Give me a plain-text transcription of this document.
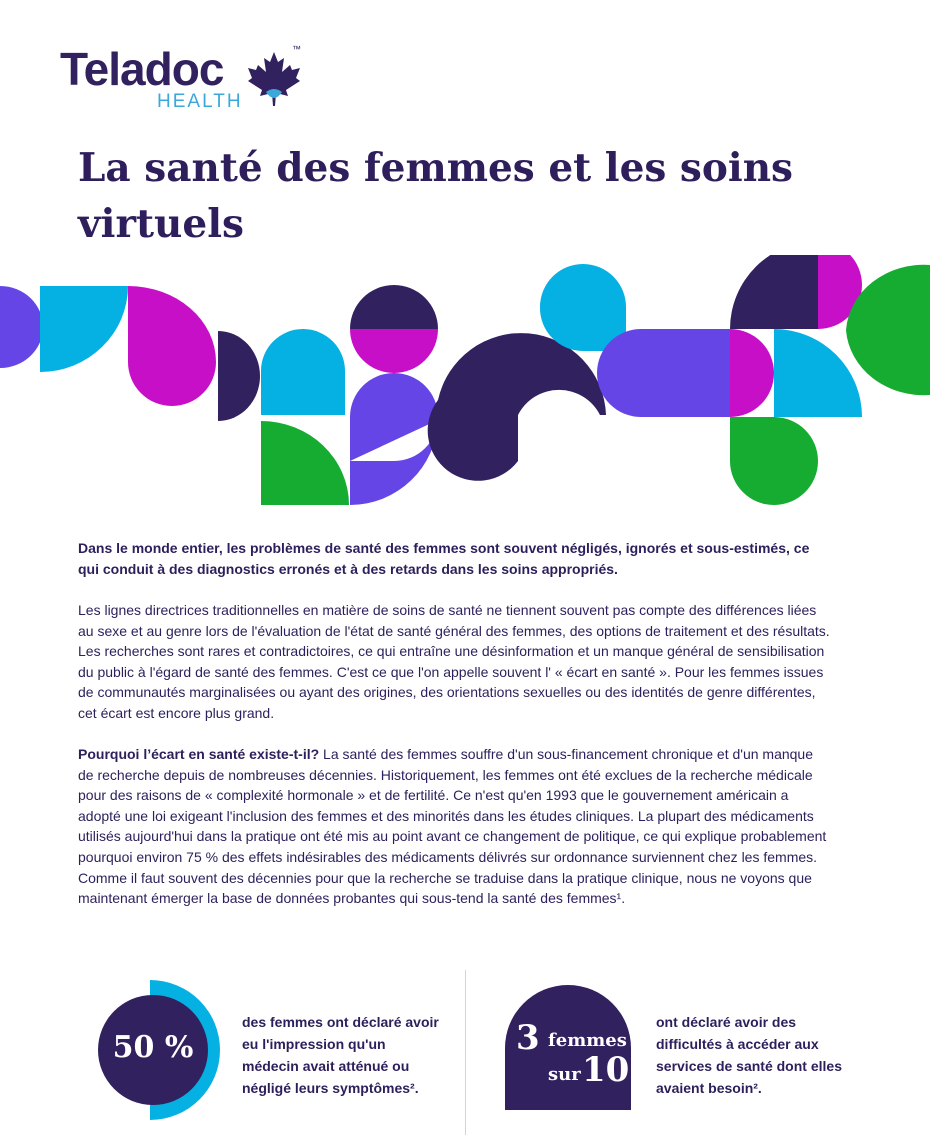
Teladoc
HEALTH
™
La santé des femmes et les soins virtuels

Dans le monde entier, les problèmes de santé des femmes sont souvent négligés, ignorés et sous-estimés, ce qui conduit à des diagnostics erronés et à des retards dans les soins appropriés.

Les lignes directrices traditionnelles en matière de soins de santé ne tiennent souvent pas compte des différences liées au sexe et au genre lors de l'évaluation de l'état de santé général des femmes, des options de traitement et des résultats. Les recherches sont rares et contradictoires, ce qui entraîne une désinformation et un manque général de sensibilisation du public à l'égard de santé des femmes. C'est ce que l'on appelle souvent l' « écart en santé ». Pour les femmes issues de communautés marginalisées ou ayant des origines, des orientations sexuelles ou des identités de genre différentes, cet écart est encore plus grand.

Pourquoi l’écart en santé existe-t-il? La santé des femmes souffre d'un sous-financement chronique et d'un manque de recherche depuis de nombreuses décennies. Historiquement, les femmes ont été exclues de la recherche médicale pour des raisons de « complexité hormonale » et de fertilité. Ce n'est qu'en 1993 que le gouvernement américain a adopté une loi exigeant l'inclusion des femmes et des minorités dans les études cliniques. La plupart des médicaments utilisés aujourd'hui dans la pratique ont été mis au point avant ce changement de politique, ce qui explique probablement pourquoi environ 75 % des effets indésirables des médicaments délivrés sur ordonnance surviennent chez les femmes. Comme il faut souvent des décennies pour que la recherche se traduise dans la pratique clinique, nous ne voyons que maintenant émerger la base de données probantes qui sous-tend la santé des femmes¹.

50 %

des femmes ont déclaré avoir eu l'impression qu'un médecin avait atténué ou négligé leurs symptômes².

3 femmes
sur 10

ont déclaré avoir des difficultés à accéder aux services de santé dont elles avaient besoin².
